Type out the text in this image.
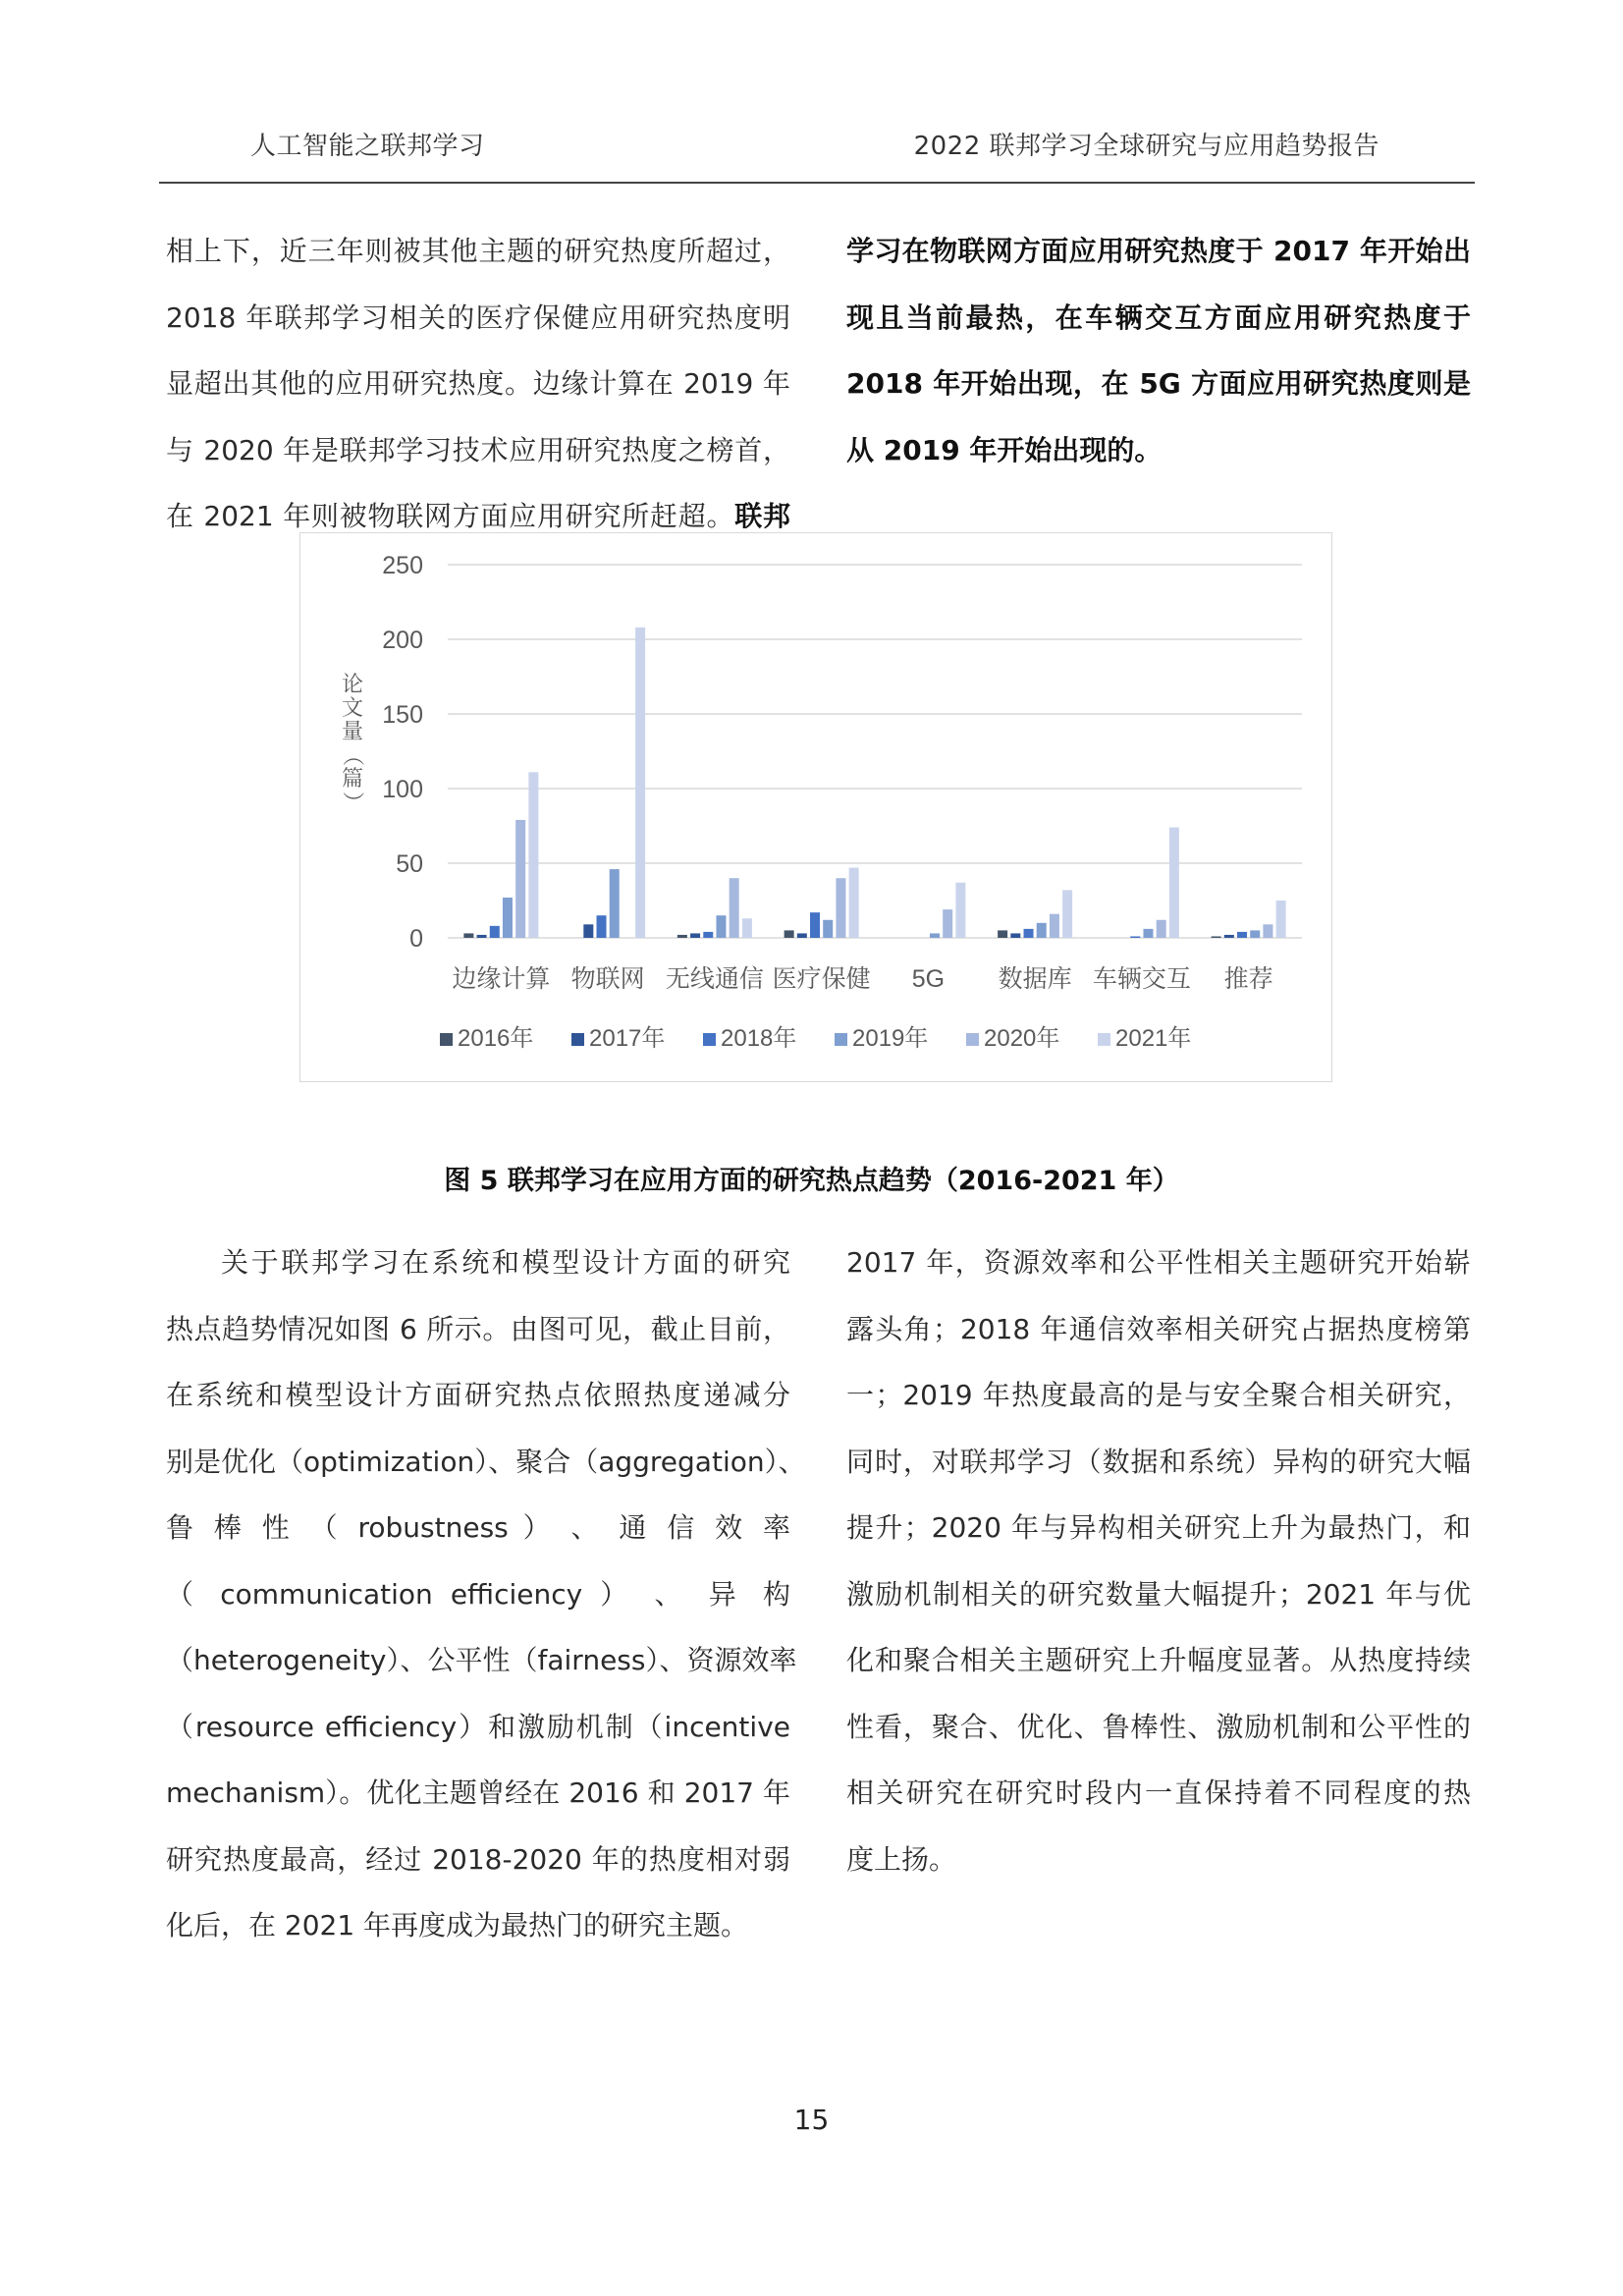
人工智能之联邦学习	2022 联邦学习全球研究与应用趋势报告
相上下，近三年则被其他主题的研究热度所超过，
2018 年联邦学习相关的医疗保健应用研究热度明
显超出其他的应用研究热度。边缘计算在 2019 年
与 2020 年是联邦学习技术应用研究热度之榜首，
在 2021 年则被物联网方面应用研究所赶超。联邦
学习在物联网方面应用研究热度于 2017 年开始出
现且当前最热，在车辆交互方面应用研究热度于
2018 年开始出现，在 5G 方面应用研究热度则是
从 2019 年开始出现的。
0
50
100
150
200
250
论
文
量
（
篇
）
边缘计算 物联网 无线通信 医疗保健 5G 数据库 车辆交互 推荐
2016年 2017年 2018年 2019年 2020年 2021年
图 5 联邦学习在应用方面的研究热点趋势（2016-2021 年）
关于联邦学习在系统和模型设计方面的研究
热点趋势情况如图 6 所示。由图可见，截止目前，
在系统和模型设计方面研究热点依照热度递减分
别是优化（optimization）、聚合（aggregation）、
鲁 棒 性 （ robustness ） 、 通 信 效 率
（ communication efficiency ） 、 异 构
（heterogeneity）、公平性（fairness）、资源效率
（resource efficiency）和激励机制（incentive
mechanism）。优化主题曾经在 2016 和 2017 年
研究热度最高，经过 2018-2020 年的热度相对弱
化后，在 2021 年再度成为最热门的研究主题。
2017 年，资源效率和公平性相关主题研究开始崭
露头角；2018 年通信效率相关研究占据热度榜第
一；2019 年热度最高的是与安全聚合相关研究，
同时，对联邦学习（数据和系统）异构的研究大幅
提升；2020 年与异构相关研究上升为最热门，和
激励机制相关的研究数量大幅提升；2021 年与优
化和聚合相关主题研究上升幅度显著。从热度持续
性看，聚合、优化、鲁棒性、激励机制和公平性的
相关研究在研究时段内一直保持着不同程度的热
度上扬。
15
